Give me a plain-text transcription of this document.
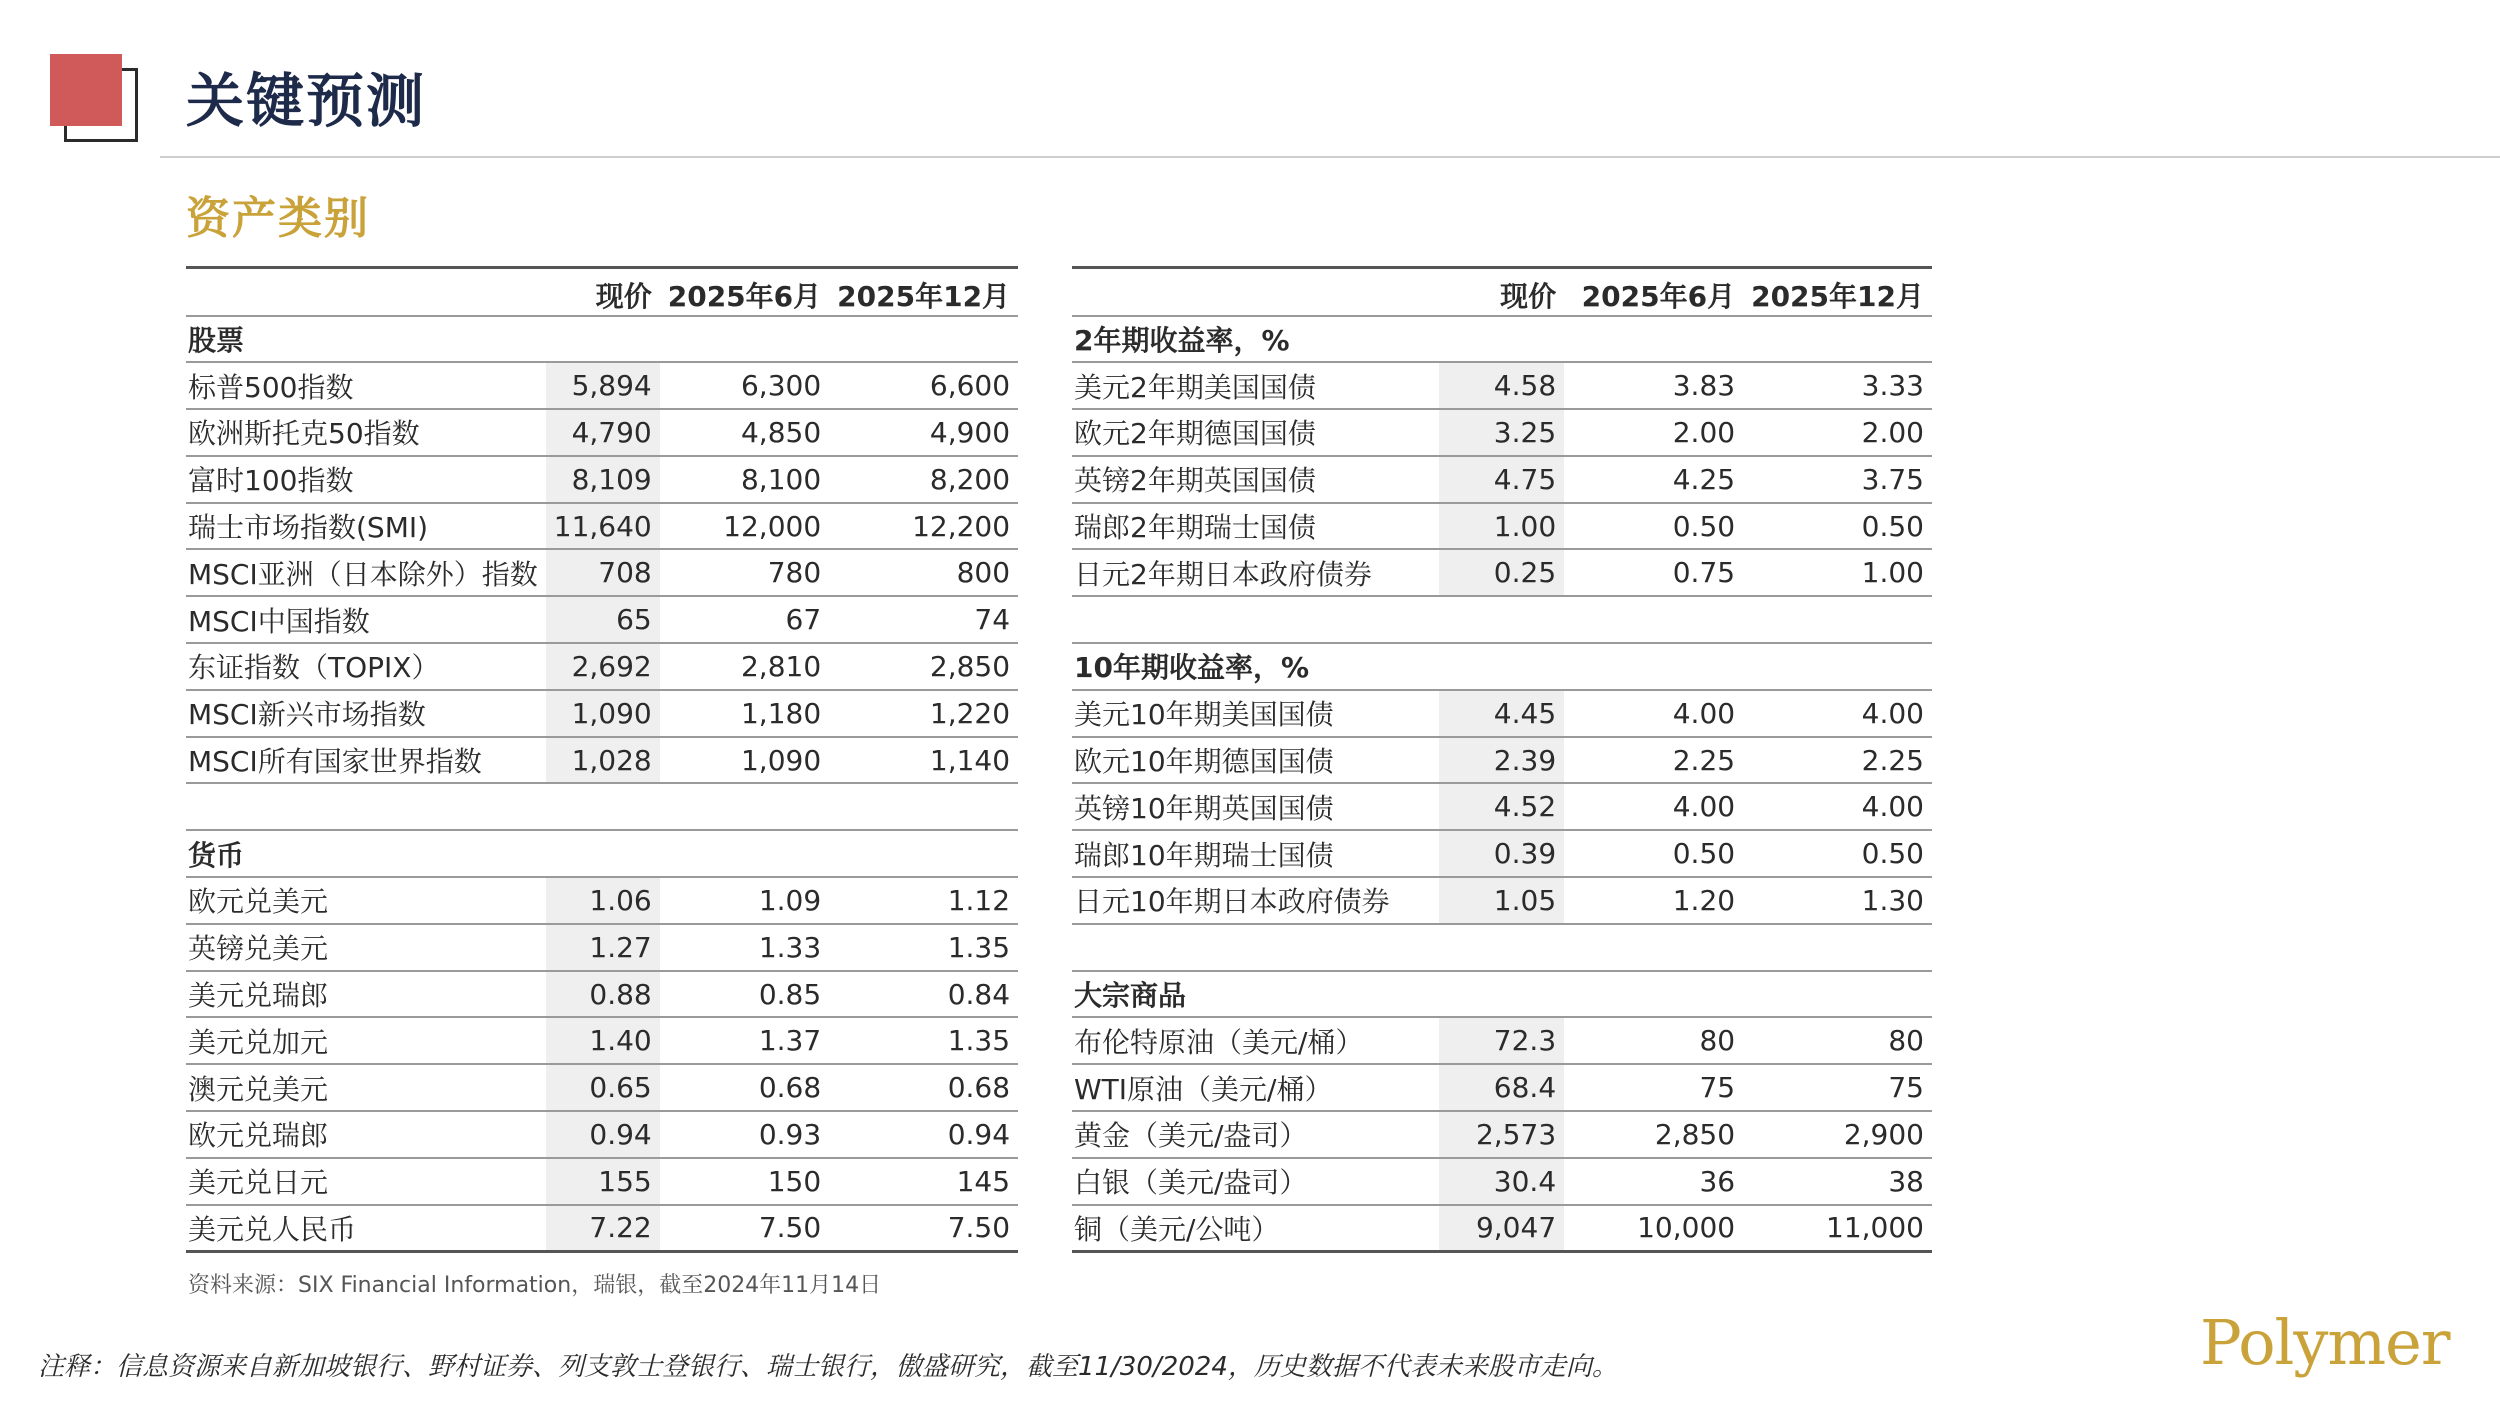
关键预测
资产类别
	现价	2025年6月	2025年12月
股票			
标普500指数	5,894	6,300	6,600
欧洲斯托克50指数	4,790	4,850	4,900
富时100指数	8,109	8,100	8,200
瑞士市场指数(SMI)	11,640	12,000	12,200
MSCI亚洲（日本除外）指数	708	780	800
MSCI中国指数	65	67	74
东证指数（TOPIX）	2,692	2,810	2,850
MSCI新兴市场指数	1,090	1,180	1,220
MSCI所有国家世界指数	1,028	1,090	1,140

货币			
欧元兑美元	1.06	1.09	1.12
英镑兑美元	1.27	1.33	1.35
美元兑瑞郎	0.88	0.85	0.84
美元兑加元	1.40	1.37	1.35
澳元兑美元	0.65	0.68	0.68
欧元兑瑞郎	0.94	0.93	0.94
美元兑日元	155	150	145
美元兑人民币	7.22	7.50	7.50
	现价	2025年6月	2025年12月
2年期收益率，%			
美元2年期美国国债	4.58	3.83	3.33
欧元2年期德国国债	3.25	2.00	2.00
英镑2年期英国国债	4.75	4.25	3.75
瑞郎2年期瑞士国债	1.00	0.50	0.50
日元2年期日本政府债券	0.25	0.75	1.00

10年期收益率，%			
美元10年期美国国债	4.45	4.00	4.00
欧元10年期德国国债	2.39	2.25	2.25
英镑10年期英国国债	4.52	4.00	4.00
瑞郎10年期瑞士国债	0.39	0.50	0.50
日元10年期日本政府债券	1.05	1.20	1.30

大宗商品			
布伦特原油（美元/桶）	72.3	80	80
WTI原油（美元/桶）	68.4	75	75
黄金（美元/盎司）	2,573	2,850	2,900
白银（美元/盎司）	30.4	36	38
铜（美元/公吨）	9,047	10,000	11,000
资料来源：SIX Financial Information，瑞银，截至2024年11月14日
注释：信息资源来自新加坡银行、野村证券、列支敦士登银行、瑞士银行，傲盛研究，截至11/30/2024，历史数据不代表未来股市走向。	Polymer
